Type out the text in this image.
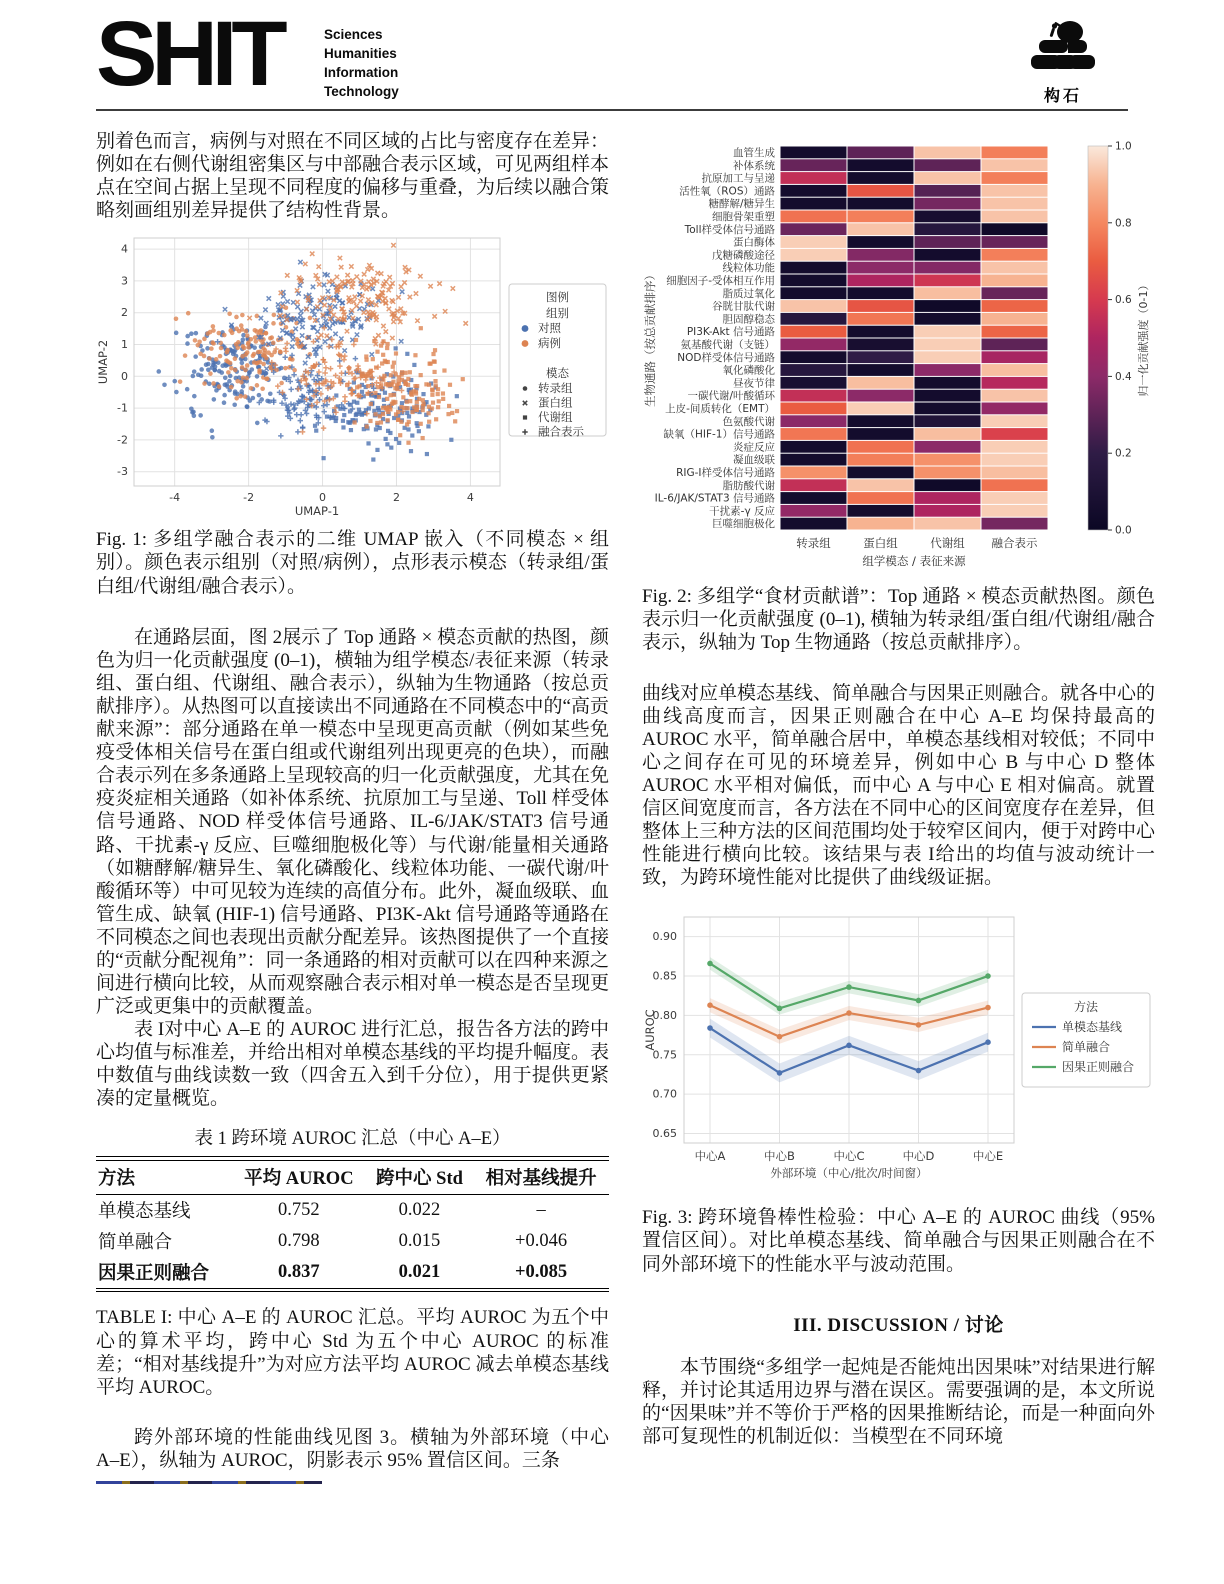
SHIT	Sciences
Humanities
Information
Technology	构石

别着色而言，病例与对照在不同区域的占比与密度存在差异：例如在右侧代谢组密集区与中部融合表示区域，可见两组样本点在空间占据上呈现不同程度的偏移与重叠，为后续以融合策略刻画组别差异提供了结构性背景。

-4	-2	0	2	4
-3
-2
-1
0
1
2
3
4
UMAP-1
UMAP-2
图例
组别
对照
病例
模态
转录组
蛋白组
代谢组
融合表示

Fig. 1: 多组学融合表示的二维 UMAP 嵌入（不同模态 × 组别）。颜色表示组别（对照/病例），点形表示模态（转录组/蛋白组/代谢组/融合表示）。

在通路层面，图 2展示了 Top 通路 × 模态贡献的热图，颜色为归一化贡献强度 (0–1)，横轴为组学模态/表征来源（转录组、蛋白组、代谢组、融合表示），纵轴为生物通路（按总贡献排序）。从热图可以直接读出不同通路在不同模态中的“高贡献来源”：部分通路在单一模态中呈现更高贡献（例如某些免疫受体相关信号在蛋白组或代谢组列出现更亮的色块），而融合表示列在多条通路上呈现较高的归一化贡献强度，尤其在免疫炎症相关通路（如补体系统、抗原加工与呈递、Toll 样受体信号通路、NOD 样受体信号通路、IL-6/JAK/STAT3 信号通路、干扰素-γ 反应、巨噬细胞极化等）与代谢/能量相关通路（如糖酵解/糖异生、氧化磷酸化、线粒体功能、一碳代谢/叶酸循环等）中可见较为连续的高值分布。此外，凝血级联、血管生成、缺氧 (HIF-1) 信号通路、PI3K-Akt 信号通路等通路在不同模态之间也表现出贡献分配差异。该热图提供了一个直接的“贡献分配视角”：同一条通路的相对贡献可以在四种来源之间进行横向比较，从而观察融合表示相对单一模态是否呈现更广泛或更集中的贡献覆盖。

表 I对中心 A–E 的 AUROC 进行汇总，报告各方法的跨中心均值与标准差，并给出相对单模态基线的平均提升幅度。表中数值与曲线读数一致（四舍五入到千分位），用于提供更紧凑的定量概览。

表 1 跨环境 AUROC 汇总（中心 A–E）
方法	平均 AUROC	跨中心 Std	相对基线提升
单模态基线	0.752	0.022	–
简单融合	0.798	0.015	+0.046
因果正则融合	0.837	0.021	+0.085

TABLE I: 中心 A–E 的 AUROC 汇总。平均 AUROC 为五个中心的算术平均，跨中心 Std 为五个中心 AUROC 的标准差；“相对基线提升”为对应方法平均 AUROC 减去单模态基线平均 AUROC。

跨外部环境的性能曲线见图 3。横轴为外部环境（中心 A–E），纵轴为 AUROC，阴影表示 95% 置信区间。三条

血管生成
补体系统
抗原加工与呈递
活性氧（ROS）通路
糖酵解/糖异生
细胞骨架重塑
Toll样受体信号通路
蛋白酶体
戊糖磷酸途径
线粒体功能
细胞因子-受体相互作用
脂质过氧化
谷胱甘肽代谢
胆固醇稳态
PI3K-Akt 信号通路
氨基酸代谢（支链）
NOD样受体信号通路
氧化磷酸化
昼夜节律
一碳代谢/叶酸循环
上皮-间质转化（EMT）
色氨酸代谢
缺氧（HIF-1）信号通路
炎症反应
凝血级联
RIG-I样受体信号通路
脂肪酸代谢
IL-6/JAK/STAT3 信号通路
干扰素-γ 反应
巨噬细胞极化
转录组	蛋白组	代谢组 融合表示
组学模态 / 表征来源
生物通路（按总贡献排序）
1.0
0.8
0.6
0.4
0.2
0.0
归一化贡献强度（0-1）

Fig. 2: 多组学“食材贡献谱”：Top 通路 × 模态贡献热图。颜色表示归一化贡献强度 (0–1), 横轴为转录组/蛋白组/代谢组/融合表示，纵轴为 Top 生物通路（按总贡献排序）。

曲线对应单模态基线、简单融合与因果正则融合。就各中心的曲线高度而言，因果正则融合在中心 A–E 均保持最高的 AUROC 水平，简单融合居中，单模态基线相对较低；不同中心之间存在可见的环境差异，例如中心 B 与中心 D 整体 AUROC 水平相对偏低，而中心 A 与中心 E 相对偏高。就置信区间宽度而言，各方法在不同中心的区间宽度存在差异，但整体上三种方法的区间范围均处于较窄区间内，便于对跨中心性能进行横向比较。该结果与表 I给出的均值与波动统计一致，为跨环境性能对比提供了曲线级证据。

0.65
0.70
0.75
0.80
0.85
0.90
中心A	中心B	中心C	中心D	中心E
外部环境（中心/批次/时间窗）
AUROC
方法
单模态基线
简单融合
因果正则融合

Fig. 3: 跨环境鲁棒性检验：中心 A–E 的 AUROC 曲线（95% 置信区间）。对比单模态基线、简单融合与因果正则融合在不同外部环境下的性能水平与波动范围。

III. DISCUSSION / 讨论

本节围绕“多组学一起炖是否能炖出因果味”对结果进行解释，并讨论其适用边界与潜在误区。需要强调的是，本文所说的“因果味”并不等价于严格的因果推断结论，而是一种面向外部可复现性的机制近似：当模型在不同环境
